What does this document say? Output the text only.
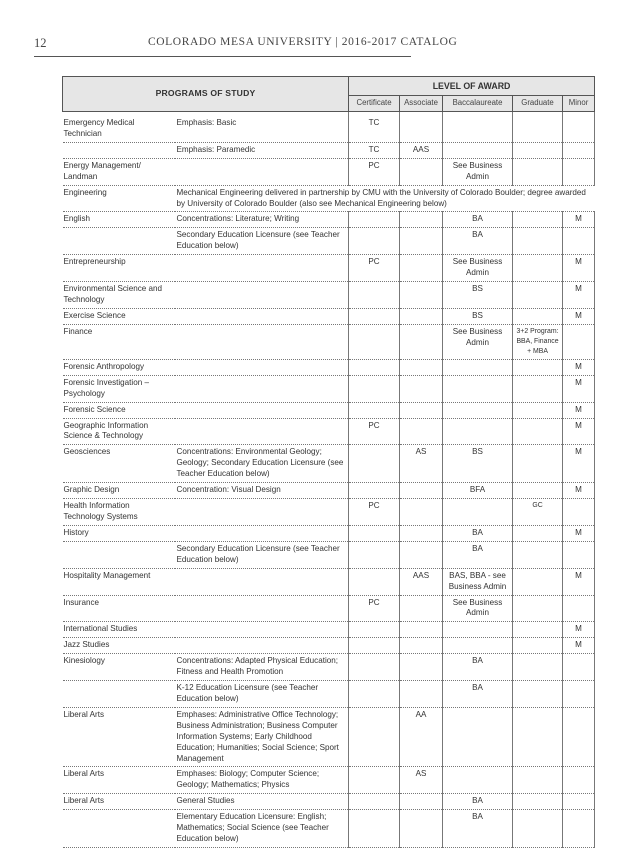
12	COLORADO MESA UNIVERSITY | 2016-2017 CATALOG
PROGRAMS OF STUDY		LEVEL OF AWARD				
		Certificate	Associate	Baccalaureate	Graduate	Minor

Emergency Medical Technician	Emphasis: Basic	TC				
	Emphasis: Paramedic	TC	AAS			
Energy Management/ Landman		PC		See Business Admin		
Engineering	Mechanical Engineering delivered in partnership by CMU with the University of Colorado Boulder; degree awarded by University of Colorado Boulder (also see Mechanical Engineering below)					
English	Concentrations: Literature; Writing			BA		M
	Secondary Education Licensure (see Teacher Education below)			BA		
Entrepreneurship		PC		See Business Admin		M
Environmental Science and Technology				BS		M
Exercise Science				BS		M
Finance				See Business Admin	3+2 Program: BBA, Finance + MBA	
Forensic Anthropology						M
Forensic Investigation – Psychology						M
Forensic Science						M
Geographic Information Science & Technology		PC				M
Geosciences	Concentrations: Environmental Geology; Geology; Secondary Education Licensure (see Teacher Education below)		AS	BS		M
Graphic Design	Concentration: Visual Design			BFA		M
Health Information Technology Systems		PC			GC	
History				BA		M
	Secondary Education Licensure (see Teacher Education below)			BA		
Hospitality Management			AAS	BAS, BBA - see Business Admin		M
Insurance		PC		See Business Admin		
International Studies						M
Jazz Studies						M
Kinesiology	Concentrations: Adapted Physical Education; Fitness and Health Promotion			BA		
	K-12 Education Licensure (see Teacher Education below)			BA		
Liberal Arts	Emphases: Administrative Office Technology; Business Administration; Business Computer Information Systems; Early Childhood Education; Humanities; Social Science; Sport Management		AA			
Liberal Arts	Emphases: Biology; Computer Science; Geology; Mathematics; Physics		AS			
Liberal Arts	General Studies			BA		
	Elementary Education Licensure: English; Mathematics; Social Science (see Teacher Education below)			BA		
